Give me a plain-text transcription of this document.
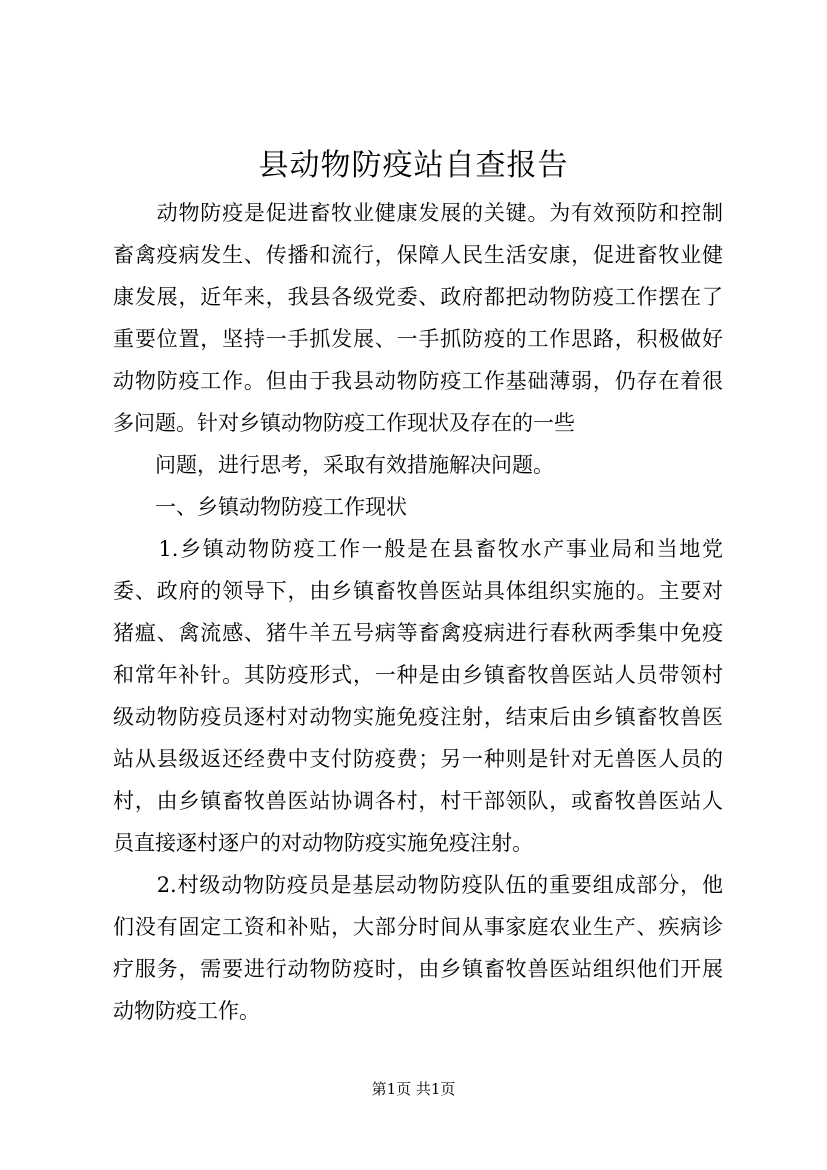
县动物防疫站自查报告
　　动物防疫是促进畜牧业健康发展的关键。为有效预防和控制
畜禽疫病发生、传播和流行，保障人民生活安康，促进畜牧业健
康发展，近年来，我县各级党委、政府都把动物防疫工作摆在了
重要位置，坚持一手抓发展、一手抓防疫的工作思路，积极做好
动物防疫工作。但由于我县动物防疫工作基础薄弱，仍存在着很
多问题。针对乡镇动物防疫工作现状及存在的一些
　　问题，进行思考，采取有效措施解决问题。
　　一、乡镇动物防疫工作现状
　　1.乡镇动物防疫工作一般是在县畜牧水产事业局和当地党
委、政府的领导下，由乡镇畜牧兽医站具体组织实施的。主要对
猪瘟、禽流感、猪牛羊五号病等畜禽疫病进行春秋两季集中免疫
和常年补针。其防疫形式，一种是由乡镇畜牧兽医站人员带领村
级动物防疫员逐村对动物实施免疫注射，结束后由乡镇畜牧兽医
站从县级返还经费中支付防疫费；另一种则是针对无兽医人员的
村，由乡镇畜牧兽医站协调各村，村干部领队，或畜牧兽医站人
员直接逐村逐户的对动物防疫实施免疫注射。
　　2.村级动物防疫员是基层动物防疫队伍的重要组成部分，他
们没有固定工资和补贴，大部分时间从事家庭农业生产、疾病诊
疗服务，需要进行动物防疫时，由乡镇畜牧兽医站组织他们开展
动物防疫工作。
第1页 共1页
